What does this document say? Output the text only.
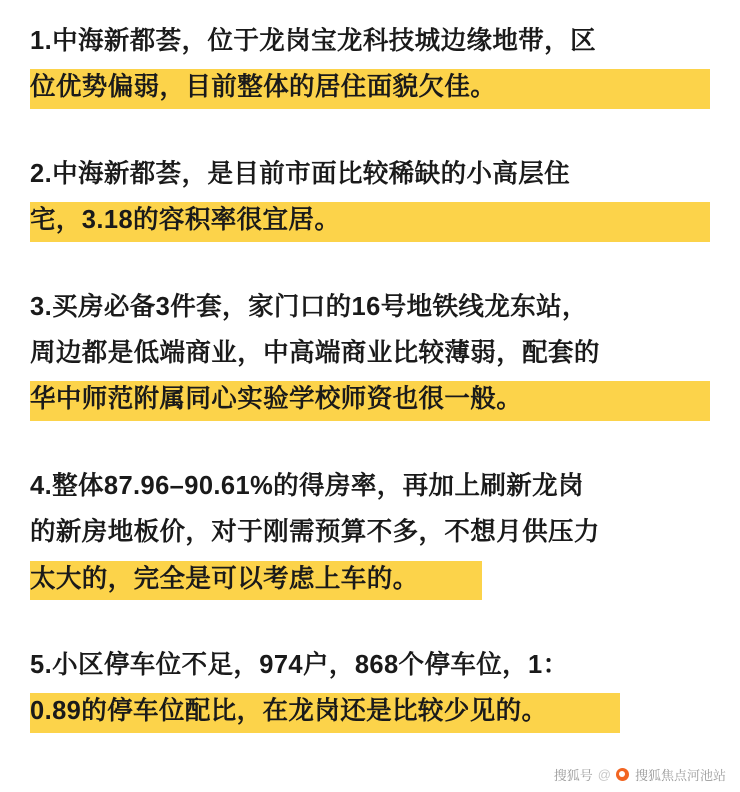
1.中海新都荟，位于龙岗宝龙科技城边缘地带，区
位优势偏弱，目前整体的居住面貌欠佳。

2.中海新都荟，是目前市面比较稀缺的小高层住
宅，3.18的容积率很宜居。

3.买房必备3件套，家门口的16号地铁线龙东站，
周边都是低端商业，中高端商业比较薄弱，配套的
华中师范附属同心实验学校师资也很一般。

4.整体87.96–90.61%的得房率，再加上刷新龙岗
的新房地板价，对于刚需预算不多，不想月供压力
太大的，完全是可以考虑上车的。

5.小区停车位不足，974户，868个停车位，1：
0.89的停车位配比，在龙岗还是比较少见的。

搜狐号 @ 搜狐焦点河池站
